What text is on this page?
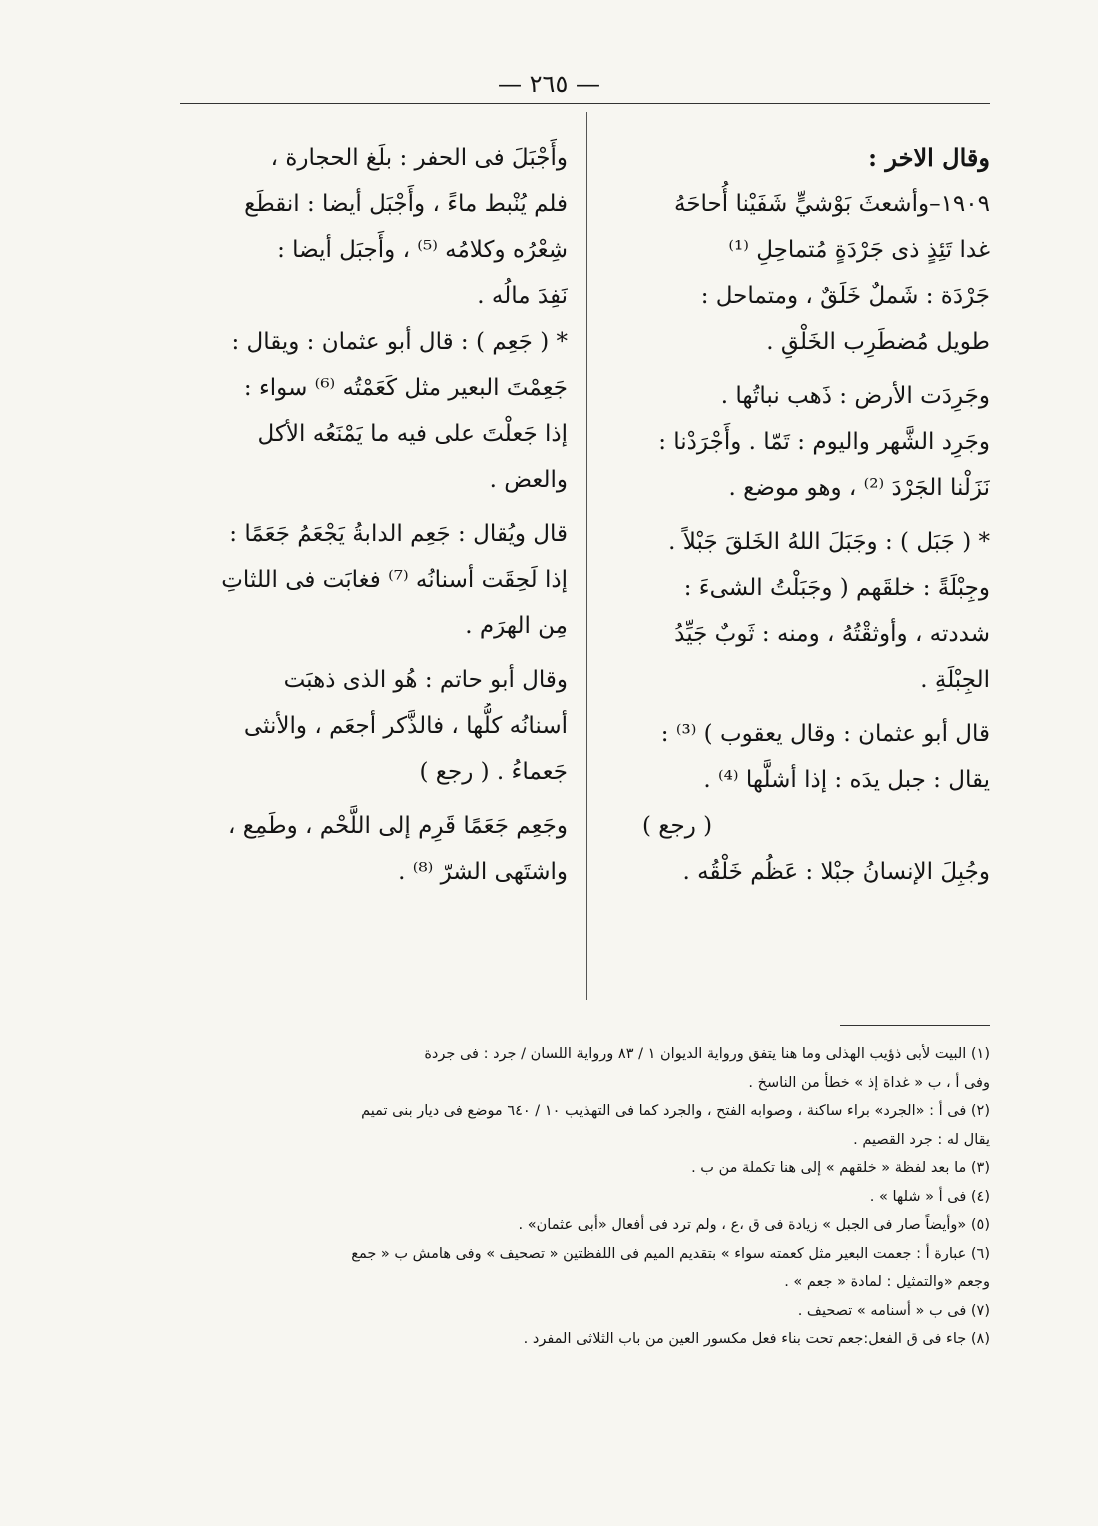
— ٢٦٥ —
وقال الاخر :
١٩٠٩–وأشعثَ بَوْشيٍّ شَفَيْنا أُحاحَهُ
غدا تَئِذٍ ذى جَرْدَةٍ مُتماحِلِ ⁽¹⁾
جَرْدَة : شَملٌ خَلَقٌ ، ومتماحل :
طويل مُضطَرِب الخَلْقِ .
وجَرِدَت الأرض : ذَهب نباتُها .
وجَرِد الشَّهر واليوم : تَمّا . وأَجْرَدْنا :
نَزَلْنا الجَرْدَ ⁽²⁾ ، وهو موضع .
* ( جَبَل ) : وجَبَلَ اللهُ الخَلقَ جَبْلاً .
وجِبْلَةً : خلقَهم ( وجَبَلْتُ الشىءَ :
شددته ، وأوثقْتُهُ ، ومنه : ثَوبٌ جَيِّدُ
الجِبْلَةِ .
قال أبو عثمان : وقال يعقوب ) ⁽³⁾ :
يقال : جبل يدَه : إذا أشلَّها ⁽⁴⁾ .
( رجع )
وجُبِلَ الإنسانُ جبْلا : عَظُم خَلْقُه .
وأَجْبَلَ فى الحفر : بلَغ الحجارة ،
فلم يُنْبط ماءً ، وأَجْبَل أيضا : انقطَع
شِعْرُه وكلامُه ⁽⁵⁾ ، وأَجبَل أيضا :
نَفِدَ مالُه .
* ( جَعِم ) : قال أبو عثمان : ويقال :
جَعِمْتَ البعير مثل كَعَمْتُه ⁽⁶⁾ سواء :
إذا جَعلْتَ على فيه ما يَمْنَعُه الأكل
والعض .
قال ويُقال : جَعِم الدابةُ يَجْعَمُ جَعَمًا :
إذا لَحِقَت أسنانُه ⁽⁷⁾ فغابَت فى اللثاتِ
مِن الهرَم .
وقال أبو حاتم : هُو الذى ذهبَت
أسنانُه كلُّها ، فالذَّكر أجعَم ، والأنثى
جَعماءُ . ( رجع )
وجَعِم جَعَمًا قَرِم إلى اللَّحْم ، وطَمِع ،
واشتَهى الشرّ ⁽⁸⁾ .
(١) البيت لأبى ذؤيب الهذلى وما هنا يتفق ورواية الديوان ١ / ٨٣ ورواية اللسان / جرد : فى جردة
وفى أ ، ب « غداة إذ » خطأ من الناسخ .
(٢) فى أ : «الجرد» براء ساكنة ، وصوابه الفتح ، والجرد كما فى التهذيب ١٠ / ٦٤٠ موضع فى ديار بنى تميم
يقال له : جرد القصيم .
(٣) ما بعد لفظة « خلقهم » إلى هنا تكملة من ب .
(٤) فى أ « شلها » .
(٥) «وأيضاً صار فى الجبل » زيادة فى ق ،ع ، ولم ترد فى أفعال «أبى عثمان» .
(٦) عبارة أ : جعمت البعير مثل كعمته سواء » بتقديم الميم فى اللفظتين « تصحيف » وفى هامش ب « جمع
وجعم «والتمثيل : لمادة « جعم » .
(٧) فى ب « أسنامه » تصحيف .
(٨) جاء فى ق الفعل:جعم تحت بناء فعل مكسور العين من باب الثلاثى المفرد .
